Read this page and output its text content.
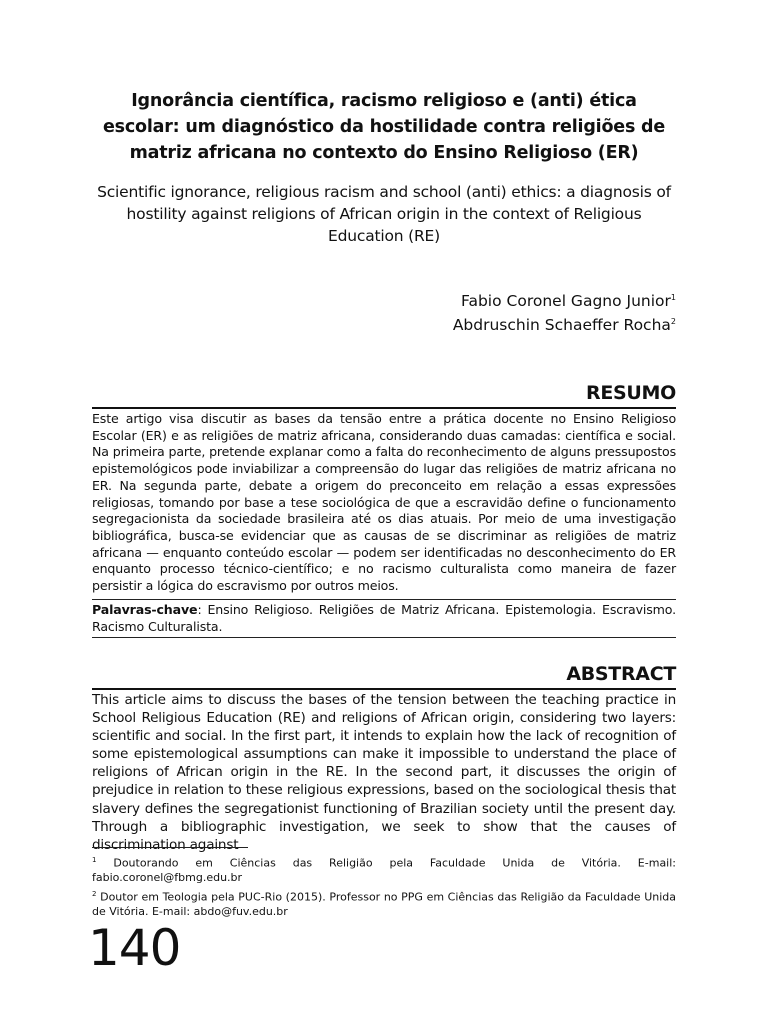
Ignorância científica, racismo religioso e (anti) ética escolar: um diagnóstico da hostilidade contra religiões de matriz africana no contexto do Ensino Religioso (ER)
Scientific ignorance, religious racism and school (anti) ethics: a diagnosis of hostility against religions of African origin in the context of Religious Education (RE)
Fabio Coronel Gagno Junior$^1$
Abdruschin Schaeffer Rocha$^2$
RESUMO

Este artigo visa discutir as bases da tensão entre a prática docente no Ensino Religioso Escolar (ER) e as religiões de matriz africana, considerando duas camadas: científica e social. Na primeira parte, pretende explanar como a falta do reconhecimento de alguns pressupostos epistemológicos pode inviabilizar a compreensão do lugar das religiões de matriz africana no ER. Na segunda parte, debate a origem do preconceito em relação a essas expressões religiosas, tomando por base a tese sociológica de que a escravidão define o funcionamento segregacionista da sociedade brasileira até os dias atuais. Por meio de uma investigação bibliográfica, busca-se evidenciar que as causas de se discriminar as religiões de matriz africana — enquanto conteúdo escolar — podem ser identificadas no desconhecimento do ER enquanto processo técnico-científico; e no racismo culturalista como maneira de fazer persistir a lógica do escravismo por outros meios.

Palavras-chave: Ensino Religioso. Religiões de Matriz Africana. Epistemologia. Escravismo. Racismo Culturalista.

ABSTRACT

This article aims to discuss the bases of the tension between the teaching practice in School Religious Education (RE) and religions of African origin, considering two layers: scientific and social. In the first part, it intends to explain how the lack of recognition of some epistemological assumptions can make it impossible to understand the place of religions of African origin in the RE. In the second part, it discusses the origin of prejudice in relation to these religious expressions, based on the sociological thesis that slavery defines the segregationist functioning of Brazilian society until the present day. Through a bibliographic investigation, we seek to show that the causes of discrimination against

$^1$ Doutorando em Ciências das Religião pela Faculdade Unida de Vitória. E-mail: fabio.coronel@fbmg.edu.br

$^2$ Doutor em Teologia pela PUC-Rio (2015). Professor no PPG em Ciências das Religião da Faculdade Unida de Vitória. E-mail: abdo@fuv.edu.br

140
